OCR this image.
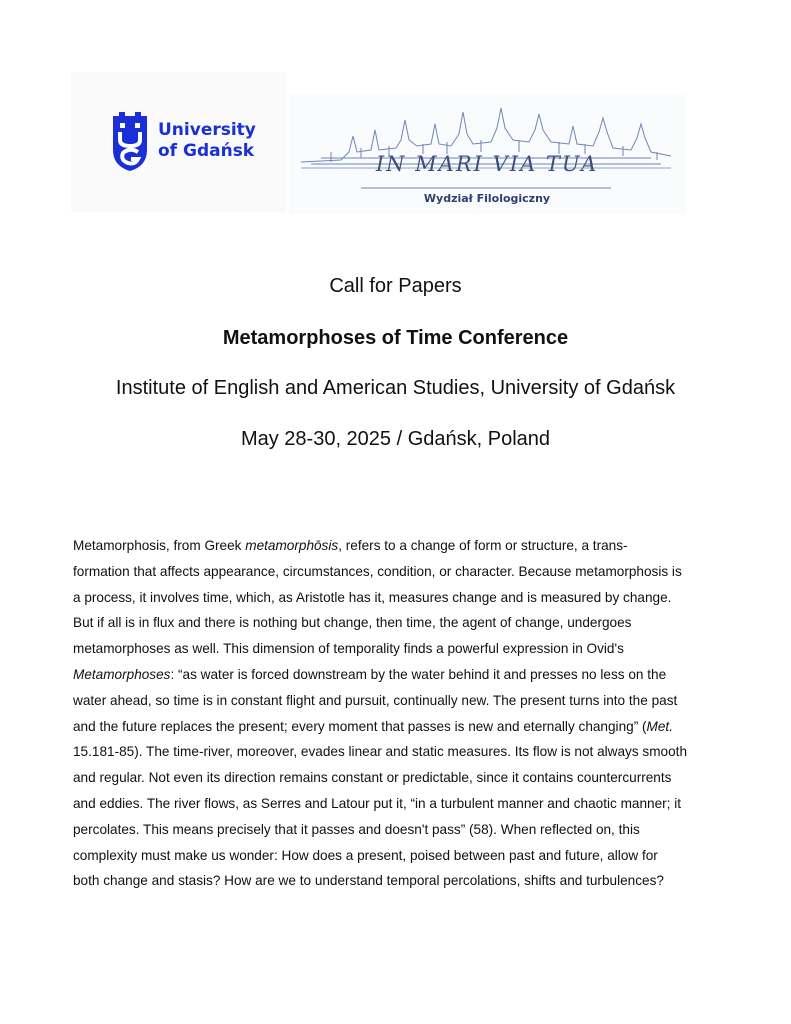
University
of Gdańsk
IN MARI VIA TUA
Wydział Filologiczny
Call for Papers
Metamorphoses of Time Conference
Institute of English and American Studies, University of Gdańsk
May 28-30, 2025 / Gdańsk, Poland
Metamorphosis, from Greek metamorphōsis, refers to a change of form or structure, a trans-
formation that affects appearance, circumstances, condition, or character. Because metamorphosis is
a process, it involves time, which, as Aristotle has it, measures change and is measured by change.
But if all is in flux and there is nothing but change, then time, the agent of change, undergoes
metamorphoses as well. This dimension of temporality finds a powerful expression in Ovid's
Metamorphoses: “as water is forced downstream by the water behind it and presses no less on the
water ahead, so time is in constant flight and pursuit, continually new. The present turns into the past
and the future replaces the present; every moment that passes is new and eternally changing” (Met.
15.181-85). The time-river, moreover, evades linear and static measures. Its flow is not always smooth
and regular. Not even its direction remains constant or predictable, since it contains countercurrents
and eddies. The river flows, as Serres and Latour put it, “in a turbulent manner and chaotic manner; it
percolates. This means precisely that it passes and doesn't pass” (58). When reflected on, this
complexity must make us wonder: How does a present, poised between past and future, allow for
both change and stasis? How are we to understand temporal percolations, shifts and turbulences?
